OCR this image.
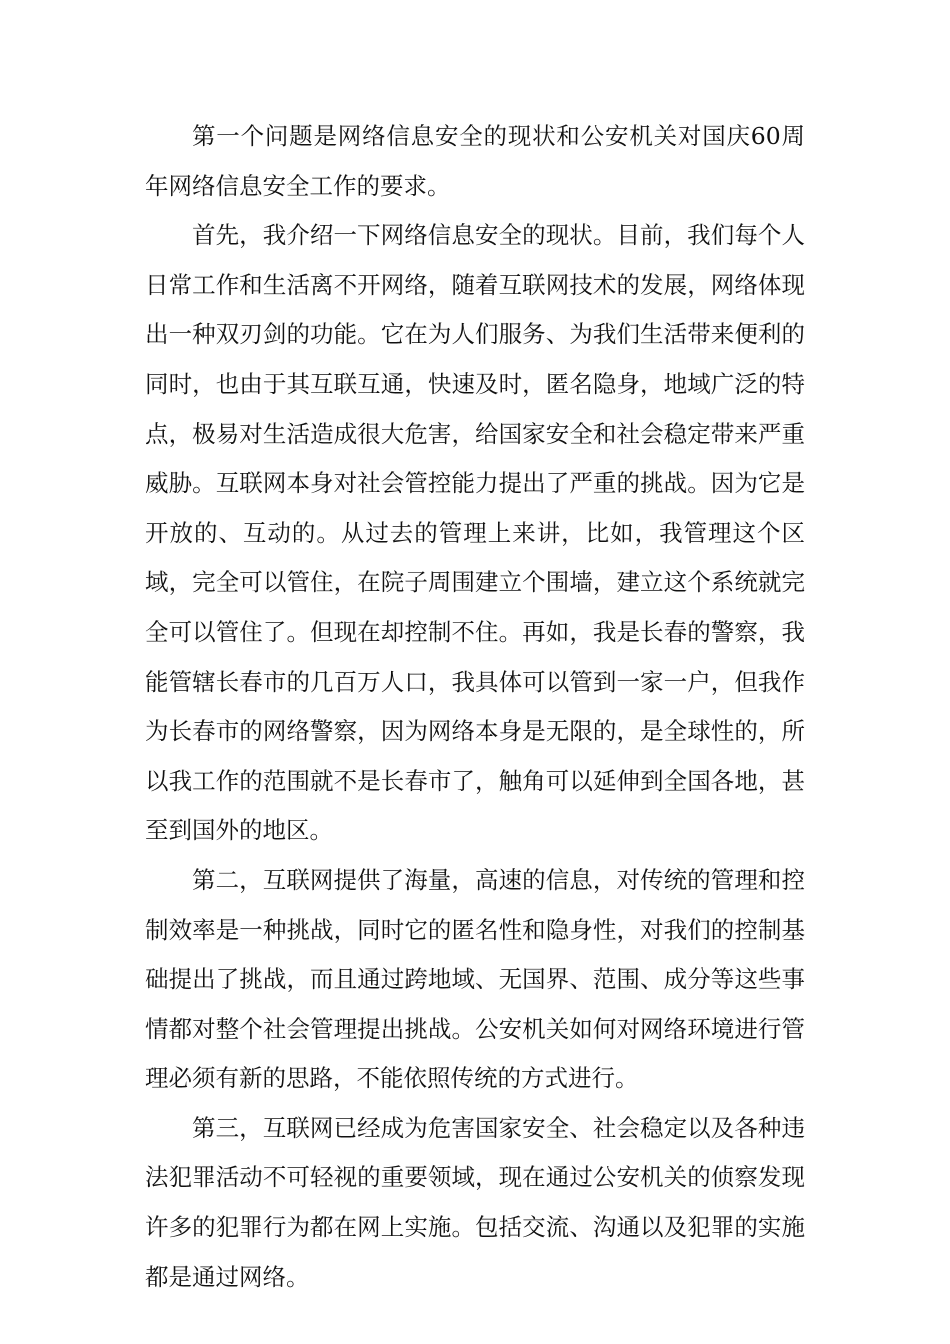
第一个问题是网络信息安全的现状和公安机关对国庆60周年网络信息安全工作的要求。

首先，我介绍一下网络信息安全的现状。目前，我们每个人日常工作和生活离不开网络，随着互联网技术的发展，网络体现出一种双刃剑的功能。它在为人们服务、为我们生活带来便利的同时，也由于其互联互通，快速及时，匿名隐身，地域广泛的特点，极易对生活造成很大危害，给国家安全和社会稳定带来严重威胁。互联网本身对社会管控能力提出了严重的挑战。因为它是开放的、互动的。从过去的管理上来讲，比如，我管理这个区域，完全可以管住，在院子周围建立个围墙，建立这个系统就完全可以管住了。但现在却控制不住。再如，我是长春的警察，我能管辖长春市的几百万人口，我具体可以管到一家一户，但我作为长春市的网络警察，因为网络本身是无限的，是全球性的，所以我工作的范围就不是长春市了，触角可以延伸到全国各地，甚至到国外的地区。

第二，互联网提供了海量，高速的信息，对传统的管理和控制效率是一种挑战，同时它的匿名性和隐身性，对我们的控制基础提出了挑战，而且通过跨地域、无国界、范围、成分等这些事情都对整个社会管理提出挑战。公安机关如何对网络环境进行管理必须有新的思路，不能依照传统的方式进行。

第三，互联网已经成为危害国家安全、社会稳定以及各种违法犯罪活动不可轻视的重要领域，现在通过公安机关的侦察发现许多的犯罪行为都在网上实施。包括交流、沟通以及犯罪的实施都是通过网络。
